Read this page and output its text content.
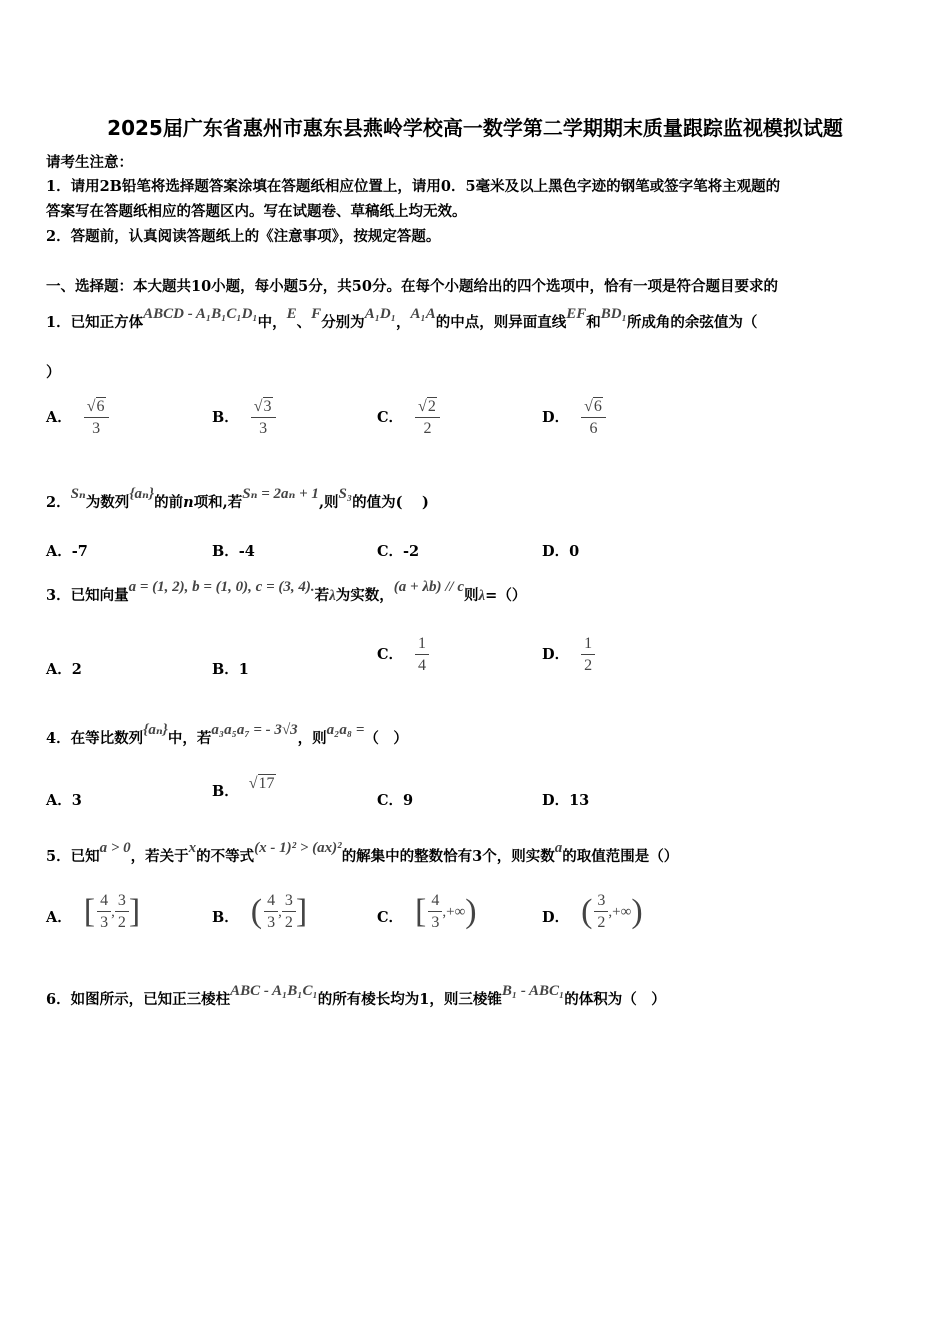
2025届广东省惠州市惠东县燕岭学校高一数学第二学期期末质量跟踪监视模拟试题
请考生注意：
1．请用2B铅笔将选择题答案涂填在答题纸相应位置上，请用0．5毫米及以上黑色字迹的钢笔或签字笔将主观题的
答案写在答题纸相应的答题区内。写在试题卷、草稿纸上均无效。
2．答题前，认真阅读答题纸上的《注意事项》，按规定答题。
一、选择题：本大题共10小题，每小题5分，共50分。在每个小题给出的四个选项中，恰有一项是符合题目要求的
1．已知正方体ABCD - A₁B₁C₁D₁中，E、F分别为A₁D₁，A₁A的中点，则异面直线EF和BD₁所成角的余弦值为（
）
A． $\frac{√6}{3}$	B． $\frac{√3}{3}$	C． $\frac{√2}{2}$	D． $\frac{√6}{6}$
2．Sₙ为数列{aₙ}的前n项和,若Sₙ = 2aₙ + 1,则S₃的值为(　 )
A．-7	B．-4	C．-2	D．0
3．已知向量a = (1, 2), b = (1, 0), c = (3, 4).若λ为实数，(a + λb) // c则λ=（）
A．2	B．1
C． $\frac{1}{4}$	D． $\frac{1}{2}$
4．在等比数列{aₙ}中，若a₃a₅a₇ = - 3√3，则a₂a₈ =（　）
A．3
B． √17
C．9	D．13
5．已知a > 0，若关于x的不等式(x - 1)² > (ax)²的解集中的整数恰有3个，则实数a的取值范围是（）
A． [ $\frac{4}{3}$ , $\frac{3}{2}$ ]	B． ( $\frac{4}{3}$ , $\frac{3}{2}$ ]	C． [ $\frac{4}{3}$ , +∞ )	D． ( $\frac{3}{2}$ , +∞ )
6．如图所示，已知正三棱柱ABC - A₁B₁C₁的所有棱长均为1，则三棱锥B₁ - ABC₁的体积为（　）
